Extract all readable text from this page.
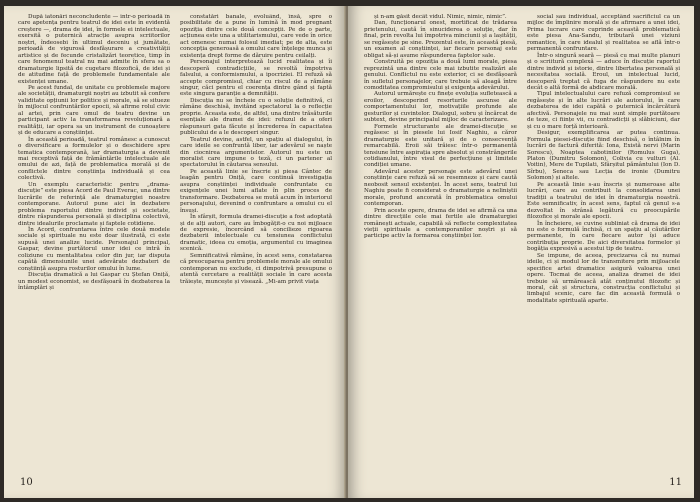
După iatonări neconcludente — intr-o perioadă în care apetența pentru teatrul de idei este în evidentă creștere —, drama de idei, în formele ei intelectuale, exersită o puternică atracție asupra scriitorilor noștri, îndeosebi în ultimul deceniu și jumătate, perioadă de vigurosă desfășurare a creativității artistice și de fecunde cristalizări teoretice, timp în care fenomenul teatral nu mai admite în sfera sa o dramaturgie lipsită de cugetare filozofică, de idei și de atitudine față de problemele fundamentale ale existenței umane.

Pe acest fundal, de unitate cu problemele majore ale societății, dramaturgii noștri au izbutit să confere validitate opțiunii lor politice și morale, să se situeze în mijlocul confruntărilor epocii, să afirme rolul civic al artei, prin care omul de teatru devine un participant activ la transformarea revoluționară a realității, iar opera sa un instrument de cunoaștere și de educare a conștiinței.

În această perioadă, teatrul românesc a cunoscut o diversificare a formulelor și o deschidere spre tematica contemporană, iar dramaturgia a devenit mai receptivă față de frământările intelectuale ale omului de azi, față de problematica morală și de conflictele dintre conștiința individuală și cea colectivă.

Un exemplu caracteristic pentru „drama-discuție” este piesa Acord de Paul Everac, una dintre lucrările de referință ale dramaturgiei noastre contemporane. Autorul pune aici în dezbatere problema raportului dintre individ și societate, dintre răspunderea personală și disciplina colectivă, dintre idealurile proclamate și faptele cotidiene.

În Acord, confruntarea între cele două modele sociale și spirituale nu este doar ilustrată, ci este supusă unei analize lucide. Personajul principal, Gaspar, devine purtătorul unor idei ce intră în coliziune cu mentalitatea celor din jur, iar disputa capătă dimensiunile unei adevărate dezbateri de conștiință asupra rosturilor omului în lume.

Discuția dramatică a lui Gaspar cu Ștefan Oniță, un modest economist, se desfășoară în dezbaterea la întâmplări și

constatări banale, evoluând, însă, spre o posibilitate de a pune în lumină în mod pregnant opoziția dintre cele două concepții. Pe de o parte, acțiunea este una a utilitarismului, care vede în orice act omenesc numai folosul imediat; pe de alta, este concepția generoasă a omului care înțelege munca și existența drept forme de dăruire pentru ceilalți.

Personajul interpretează lucid realitatea și îi descoperă contradicțiile, se revoltă împotriva falsului, a conformismului, a ipocriziei. El refuză să accepte compromisul, chiar cu riscul de a rămâne singur, căci pentru el coerența dintre gând și faptă este singura garanție a demnității.

Discuția nu se încheie cu o soluție definitivă, ci rămâne deschisă, invitând spectatorul la o reflecție proprie. Aceasta este, de altfel, una dintre trăsăturile esențiale ale dramei de idei: refuzul de a oferi răspunsuri gata făcute și încrederea în capacitatea publicului de a le descoperi singur.

Teatrul devine, astfel, un spațiu al dialogului, în care ideile se confruntă liber, iar adevărul se naște din ciocnirea argumentelor. Autorul nu este un moralist care impune o teză, ci un partener al spectatorului în căutarea sensului.

Pe această linie se înscrie și piesa Cântec de leagăn pentru Oniță, care continuă investigația asupra conștiinței individuale confruntate cu exigențele unei lumi aflate în plin proces de transformare. Dezbaterea se mută acum în interiorul personajului, devenind o confruntare a omului cu el însuși.

În sfârșit, formula dramei-discuție a fost adoptată și de alți autori, care au îmbogățit-o cu noi mijloace de expresie, încercând să concilieze rigoarea dezbaterii intelectuale cu tensiunea conflictului dramatic, ideea cu emoția, argumentul cu imaginea scenică.

Semnificativă rămâne, în acest sens, constatarea că preocuparea pentru problemele morale ale omului contemporan nu exclude, ci dimpotrivă presupune o atentă cercetare a realității sociale în care acesta trăiește, muncește și visează. „Mi-am privit viața

10

și n-am găsit decât vidul. Nimic, nimic, nimic”.

Dan, funcționarul onest, mortificat de trădarea prietenului, caută în sinuciderea o soluție, dar în final, prin revolta lui împotriva minciunii și a lașității, se regăsește pe sine. Prezentul este, în această piesă, un examen al conștiinței, iar fiecare personaj este obligat să-și asume răspunderea faptelor sale.

Construită pe opoziția a două lumi morale, piesa reprezintă una dintre cele mai izbutite realizări ale genului. Conflictul nu este exterior, ci se desfășoară în sufletul personajelor, care trebuie să aleagă între comoditatea compromisului și exigența adevărului.

Autorul urmărește cu finețe evoluția sufletească a eroilor, descoperind resorturile ascunse ale comportamentului lor, motivațiile profunde ale gesturilor și cuvintelor. Dialogul, sobru și încărcat de subtext, devine principalul mijloc de caracterizare.

Formele structurante ale dramei-discuție se regăsesc și în piesele lui Iosif Naghiu, a căror dramaturgie este unitară și de o consecvență remarcabilă. Eroii săi trăiesc într-o permanentă tensiune între aspirația spre absolut și constrângerile cotidianului, între visul de perfecțiune și limitele condiției umane.

Adevărul acestor personaje este adevărul unei conștiințe care refuză să se resemneze și care caută neobosit sensul existenței. În acest sens, teatrul lui Naghiu poate fi considerat o dramaturgie a neliniștii morale, profund ancorată în problematica omului contemporan.

Prin aceste opere, drama de idei se afirmă ca una dintre direcțiile cele mai fertile ale dramaturgiei românești actuale, capabilă să reflecte complexitatea vieții spirituale a contemporanilor noștri și să participe activ la formarea conștiinței lor.

social sau individual, acceptând sacrificiul ca un mijloc de împlinire morală și de afirmare a unei idei, Prima lucrare care cuprinde această problematică este piesa Ana-Sandu, tributară unei viziuni romantice, în care idealul și realitatea se află într-o permanentă confruntare.

Într-o singură seară — piesă cu mai multe planuri și o scriitură complexă — aduce în discuție raportul dintre individ și istorie, dintre libertatea personală și necesitatea socială. Eroul, un intelectual lucid, descoperă treptat că fuga de răspundere nu este decât o altă formă de abdicare morală.

Tipul intelectualului care refuză compromisul se regăsește și în alte lucrări ale autorului, în care dezbaterea de idei capătă o puternică încărcătură afectivă. Personajele nu mai sunt simple purtătoare de teze, ci ființe vii, cu contradicții și slăbiciuni, dar și cu o mare forță interioară.

Desigur, exemplificarea ar putea continua. Formula piesei-discuție fiind deschisă, o întâlnim în lucrări de factură diferită: Iona, Există nervi (Marin Sorescu), Noaptea cabotinilor (Romulus Guga), Platon (Dumitru Solomon), Colivia cu vulturi (Al. Voitin), Mere de Tupilati, Sfârșitul pământului (Ion D. Sîrbu), Seneca sau Lecția de ironie (Dumitru Solomon) și altele.

Pe această linie s-au înscris și numeroase alte lucrări, care au contribuit la consolidarea unei tradiții a teatrului de idei în dramaturgia noastră. Este semnificativ, în acest sens, faptul că genul s-a dezvoltat în strânsă legătură cu preocupările filozofice și morale ale epocii.

În încheiere, se cuvine subliniat că drama de idei nu este o formulă închisă, ci un spațiu al căutărilor permanente, în care fiecare autor își aduce contribuția proprie. De aici diversitatea formelor și bogăția expresivă a acestui tip de teatru.

Se impune, de aceea, precizarea că nu numai ideile, ci și modul lor de transmitere prin mijloacele specifice artei dramatice asigură valoarea unei opere. Tocmai de aceea, analiza dramei de idei trebuie să urmărească atât conținutul filozofic și moral, cât și structura, construcția conflictului și limbajul scenic, care fac din această formulă o modalitate spirituală aparte.

11
